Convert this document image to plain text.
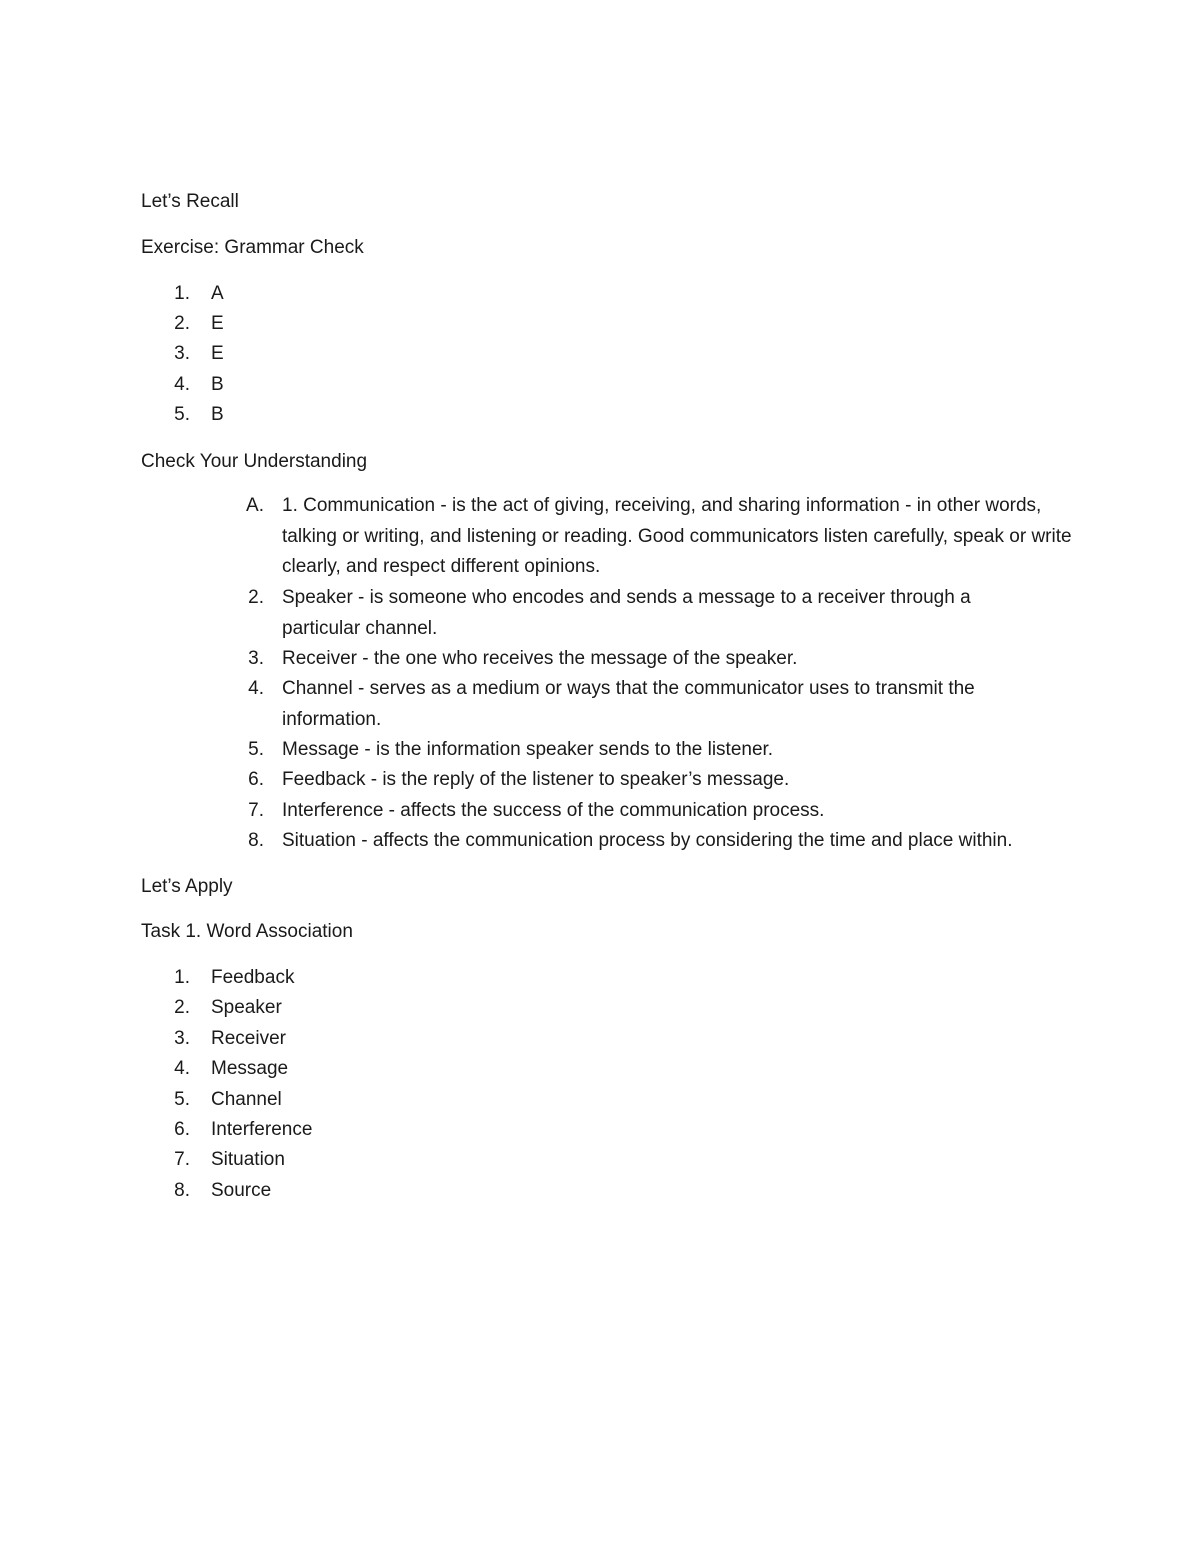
Let’s Recall

Exercise: Grammar Check

1. A
2. E
3. E
4. B
5. B

Check Your Understanding

A. 1. Communication - is the act of giving, receiving, and sharing information - in other words, talking or writing, and listening or reading. Good communicators listen carefully, speak or write clearly, and respect different opinions.
2. Speaker - is someone who encodes and sends a message to a receiver through a particular channel.
3. Receiver - the one who receives the message of the speaker.
4. Channel - serves as a medium or ways that the communicator uses to transmit the information.
5. Message - is the information speaker sends to the listener.
6. Feedback - is the reply of the listener to speaker’s message.
7. Interference - affects the success of the communication process.
8. Situation - affects the communication process by considering the time and place within.

Let’s Apply

Task 1. Word Association

1. Feedback
2. Speaker
3. Receiver
4. Message
5. Channel
6. Interference
7. Situation
8. Source
